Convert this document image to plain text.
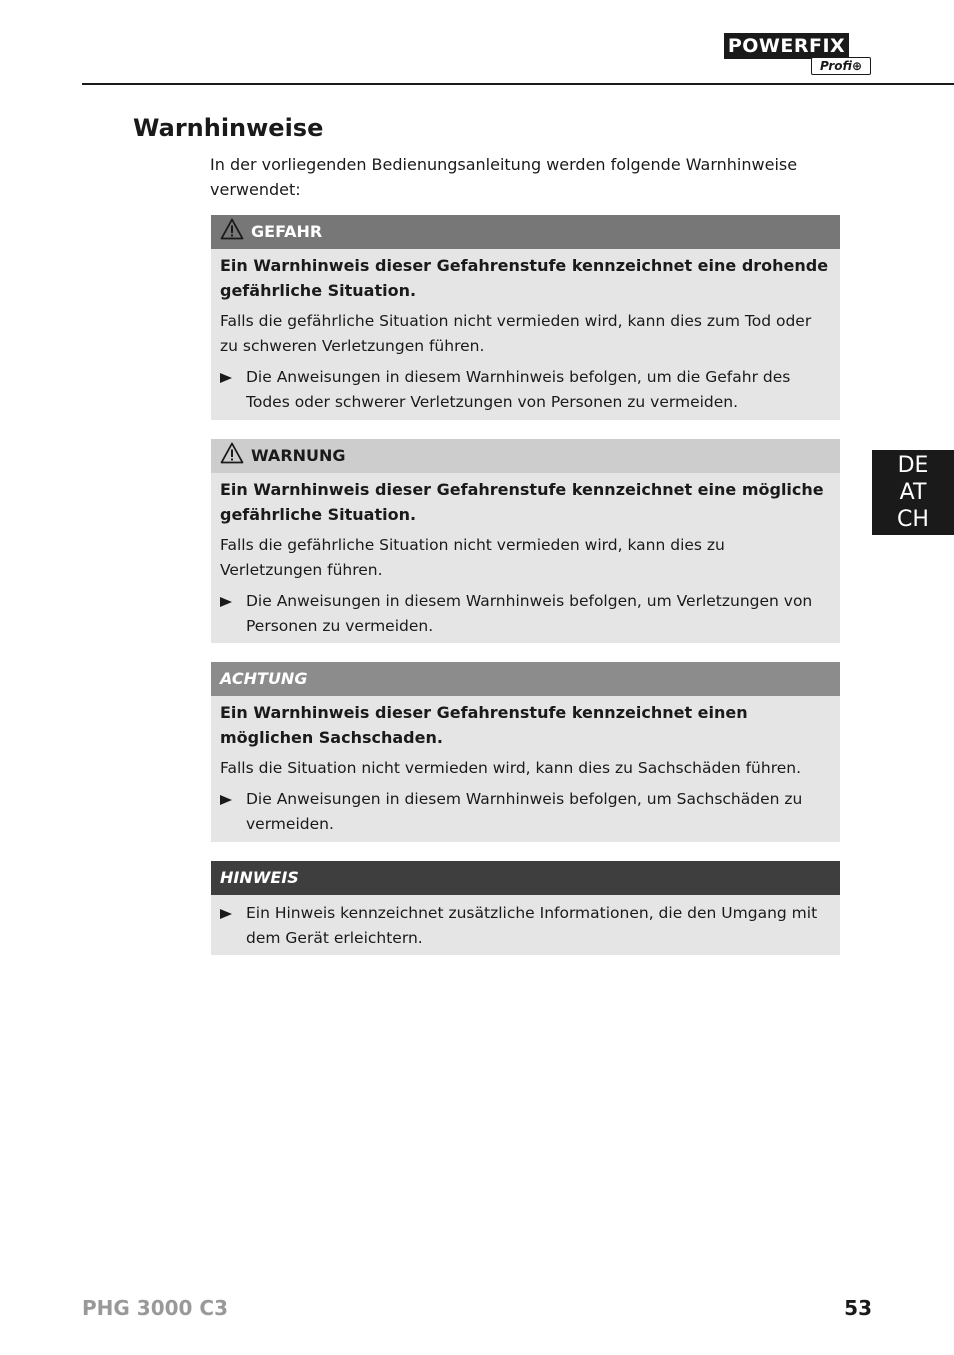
POWERFIX
Profi⊕
Warnhinweise

In der vorliegenden Bedienungsanleitung werden folgende Warnhinweise verwendet:

GEFAHR

Ein Warnhinweis dieser Gefahrenstufe kennzeichnet eine drohende gefährliche Situation.

Falls die gefährliche Situation nicht vermieden wird, kann dies zum Tod oder zu schweren Verletzungen führen.

Die Anweisungen in diesem Warnhinweis befolgen, um die Gefahr des Todes oder schwerer Verletzungen von Personen zu vermeiden.
WARNUNG

Ein Warnhinweis dieser Gefahrenstufe kennzeichnet eine mögliche gefährliche Situation.

Falls die gefährliche Situation nicht vermieden wird, kann dies zu Verletzungen führen.

Die Anweisungen in diesem Warnhinweis befolgen, um Verletzungen von Personen zu vermeiden.
ACHTUNG

Ein Warnhinweis dieser Gefahrenstufe kennzeichnet einen möglichen Sachschaden.

Falls die Situation nicht vermieden wird, kann dies zu Sachschäden führen.

Die Anweisungen in diesem Warnhinweis befolgen, um Sachschäden zu vermeiden.
HINWEIS
Ein Hinweis kennzeichnet zusätzliche Informationen, die den Umgang mit dem Gerät erleichtern.
DE
AT
CH
PHG 3000 C3	53
